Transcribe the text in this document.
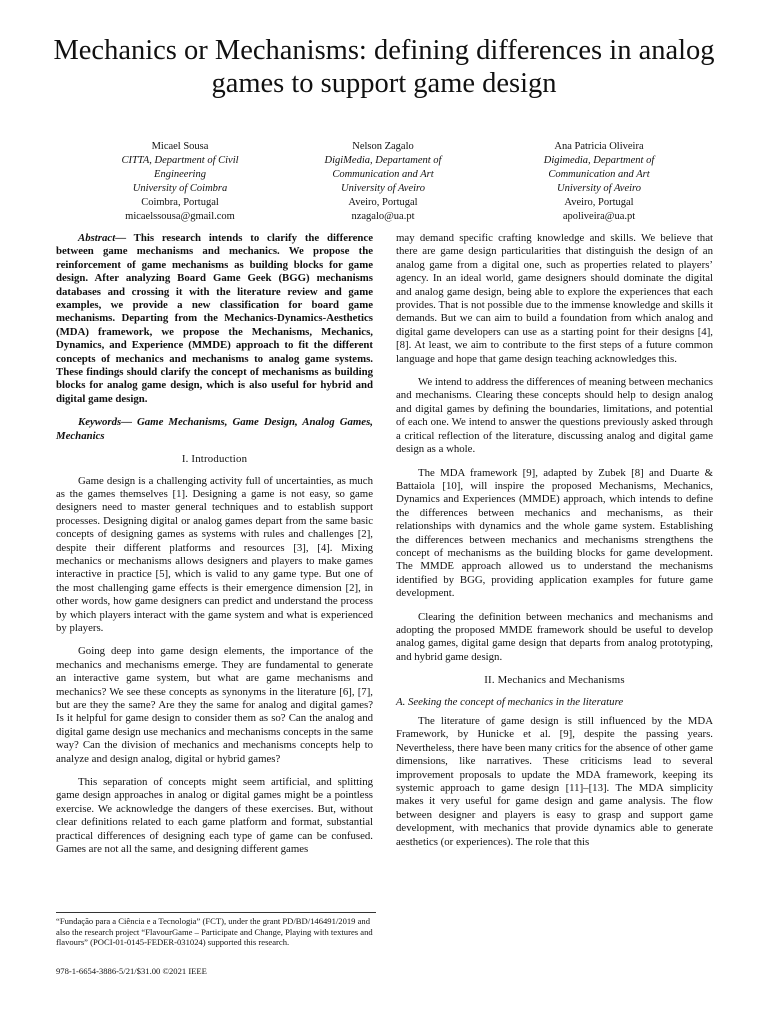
Mechanics or Mechanisms: defining differences in analog games to support game design
Micael Sousa
CITTA, Department of Civil Engineering
University of Coimbra
Coimbra, Portugal
micaelssousa@gmail.com
Nelson Zagalo
DigiMedia, Departament of Communication and Art
University of Aveiro
Aveiro, Portugal
nzagalo@ua.pt
Ana Patricia Oliveira
Digimedia, Department of Communication and Art
University of Aveiro
Aveiro, Portugal
apoliveira@ua.pt

Abstract— This research intends to clarify the difference between game mechanisms and mechanics. We propose the reinforcement of game mechanisms as building blocks for game design. After analyzing Board Game Geek (BGG) mechanisms databases and crossing it with the literature review and game examples, we provide a new classification for board game mechanisms. Departing from the Mechanics-Dynamics-Aesthetics (MDA) framework, we propose the Mechanisms, Mechanics, Dynamics, and Experience (MMDE) approach to fit the different concepts of mechanics and mechanisms to analog game systems. These findings should clarify the concept of mechanisms as building blocks for analog game design, which is also useful for hybrid and digital game design.

Keywords— Game Mechanisms, Game Design, Analog Games, Mechanics

I. Introduction

Game design is a challenging activity full of uncertainties, as much as the games themselves [1]. Designing a game is not easy, so game designers need to master general techniques and to establish support processes. Designing digital or analog games depart from the same basic concepts of designing games as systems with rules and challenges [2], despite their different platforms and resources [3], [4]. Mixing mechanics or mechanisms allows designers and players to make games interactive in practice [5], which is valid to any game type. But one of the most challenging game effects is their emergence dimension [2], in other words, how game designers can predict and understand the process by which players interact with the game system and what is experienced by players.

Going deep into game design elements, the importance of the mechanics and mechanisms emerge. They are fundamental to generate an interactive game system, but what are game mechanisms and mechanics? We see these concepts as synonyms in the literature [6], [7], but are they the same? Are they the same for analog and digital games? Is it helpful for game design to consider them as so? Can the analog and digital game design use mechanics and mechanisms concepts in the same way? Can the division of mechanics and mechanisms concepts help to analyze and design analog, digital or hybrid games?

This separation of concepts might seem artificial, and splitting game design approaches in analog or digital games might be a pointless exercise. We acknowledge the dangers of these exercises. But, without clear definitions related to each game platform and format, substantial practical differences of designing each type of game can be confused. Games are not all the same, and designing different games

may demand specific crafting knowledge and skills. We believe that there are game design particularities that distinguish the design of an analog game from a digital one, such as properties related to players’ agency. In an ideal world, game designers should dominate the digital and analog game design, being able to explore the experiences that each provides. That is not possible due to the immense knowledge and skills it demands. But we can aim to build a foundation from which analog and digital game developers can use as a starting point for their designs [4], [8]. At least, we aim to contribute to the first steps of a future common language and hope that game design teaching acknowledges this.

We intend to address the differences of meaning between mechanics and mechanisms. Clearing these concepts should help to design analog and digital games by defining the boundaries, limitations, and potential of each one. We intend to answer the questions previously asked through a critical reflection of the literature, discussing analog and digital game design as a whole.

The MDA framework [9], adapted by Zubek [8] and Duarte & Battaiola [10], will inspire the proposed Mechanisms, Mechanics, Dynamics and Experiences (MMDE) approach, which intends to define the differences between mechanics and mechanisms, as their relationships with dynamics and the whole game system. Establishing the differences between mechanics and mechanisms strengthens the concept of mechanisms as the building blocks for game development. The MMDE approach allowed us to understand the mechanisms identified by BGG, providing application examples for future game development.

Clearing the definition between mechanics and mechanisms and adopting the proposed MMDE framework should be useful to develop analog games, digital game design that departs from analog prototyping, and hybrid game design.

II. Mechanics and Mechanisms
A. Seeking the concept of mechanics in the literature

The literature of game design is still influenced by the MDA Framework, by Hunicke et al. [9], despite the passing years. Nevertheless, there have been many critics for the absence of other game dimensions, like narratives. These criticisms lead to several improvement proposals to update the MDA framework, keeping its systemic approach to game design [11]–[13]. The MDA simplicity makes it very useful for game design and game analysis. The flow between designer and players is easy to grasp and support game development, with mechanics that provide dynamics able to generate aesthetics (or experiences). The role that this

“Fundação para a Ciência e a Tecnologia” (FCT), under the grant PD/BD/146491/2019 and also the research project “FlavourGame – Participate and Change, Playing with textures and flavours” (POCI-01-0145-FEDER-031024) supported this research.
978-1-6654-3886-5/21/$31.00 ©2021 IEEE
